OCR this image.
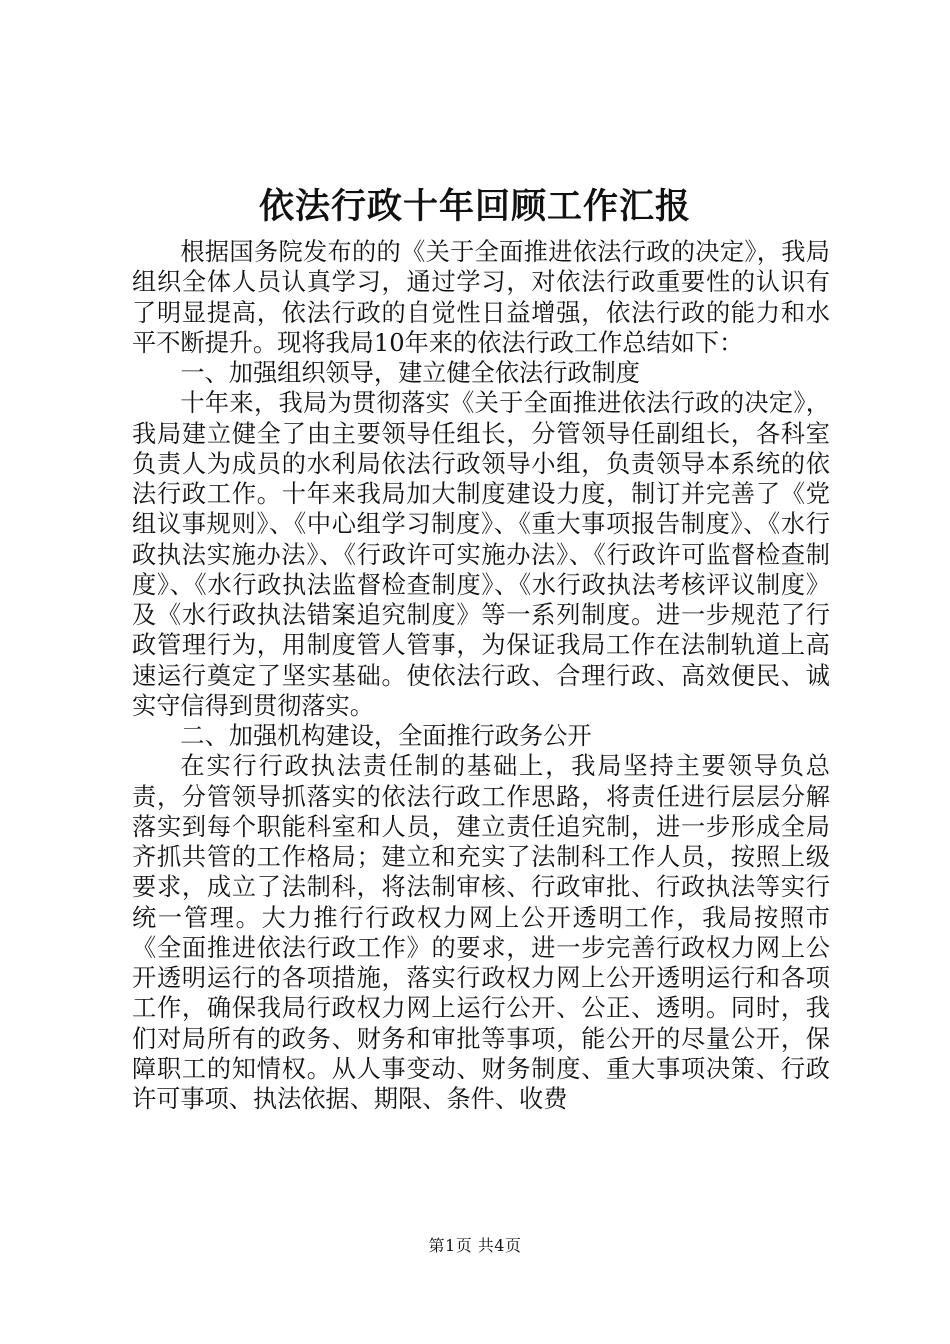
依法行政十年回顾工作汇报

根据国务院发布的的《关于全面推进依法行政的决定》，我局组织全体人员认真学习，通过学习，对依法行政重要性的认识有了明显提高，依法行政的自觉性日益增强，依法行政的能力和水平不断提升。现将我局10年来的依法行政工作总结如下：

一、加强组织领导，建立健全依法行政制度

十年来，我局为贯彻落实《关于全面推进依法行政的决定》，我局建立健全了由主要领导任组长，分管领导任副组长，各科室负责人为成员的水利局依法行政领导小组，负责领导本系统的依法行政工作。十年来我局加大制度建设力度，制订并完善了《党组议事规则》、《中心组学习制度》、《重大事项报告制度》、《水行政执法实施办法》、《行政许可实施办法》、《行政许可监督检查制度》、《水行政执法监督检查制度》、《水行政执法考核评议制度》及《水行政执法错案追究制度》等一系列制度。进一步规范了行政管理行为，用制度管人管事，为保证我局工作在法制轨道上高速运行奠定了坚实基础。使依法行政、合理行政、高效便民、诚实守信得到贯彻落实。

二、加强机构建设，全面推行政务公开

在实行行政执法责任制的基础上，我局坚持主要领导负总责，分管领导抓落实的依法行政工作思路，将责任进行层层分解落实到每个职能科室和人员，建立责任追究制，进一步形成全局齐抓共管的工作格局；建立和充实了法制科工作人员，按照上级要求，成立了法制科，将法制审核、行政审批、行政执法等实行统一管理。大力推行行政权力网上公开透明工作，我局按照市《全面推进依法行政工作》的要求，进一步完善行政权力网上公开透明运行的各项措施，落实行政权力网上公开透明运行和各项工作，确保我局行政权力网上运行公开、公正、透明。同时，我们对局所有的政务、财务和审批等事项，能公开的尽量公开，保障职工的知情权。从人事变动、财务制度、重大事项决策、行政许可事项、执法依据、期限、条件、收费

第1页 共4页
